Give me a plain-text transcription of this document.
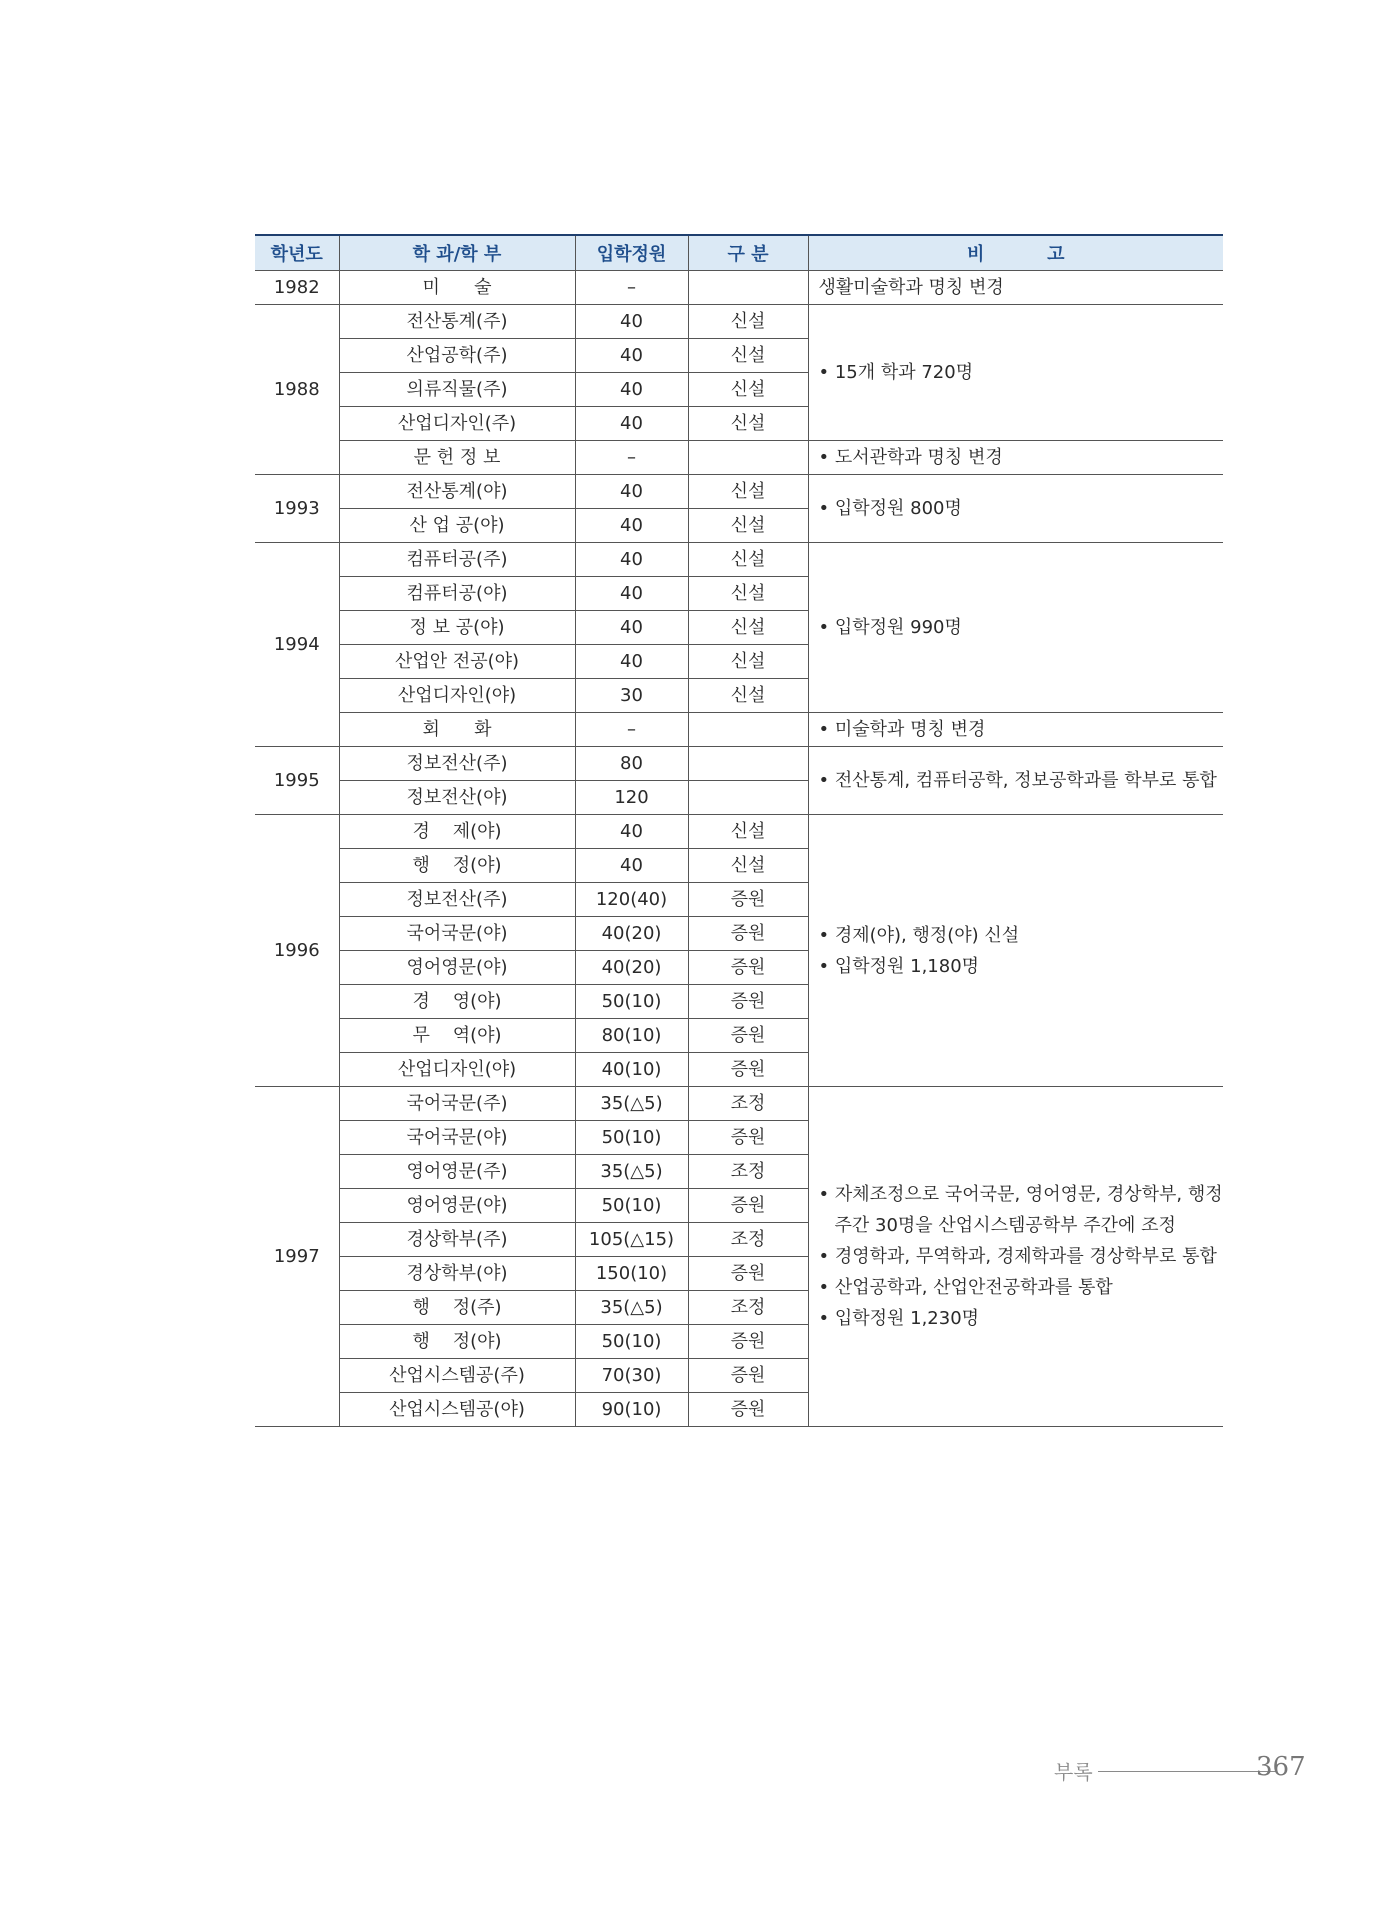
학년도	학 과/학 부	입학정원	구 분	비          고
1982	미      술	–		생활미술학과 명칭 변경

1988	전산통계(주)	40	신설	• 15개 학과 720명

	산업공학(주)	40	신설	
	의류직물(주)	40	신설	
	산업디자인(주)	40	신설	
	문 헌 정 보	–		• 도서관학과 명칭 변경

1993	전산통계(야)	40	신설	• 입학정원 800명

	산 업 공(야)	40	신설	
1994	컴퓨터공(주)	40	신설	• 입학정원 990명

	컴퓨터공(야)	40	신설	
	정 보 공(야)	40	신설	
	산업안 전공(야)	40	신설	
	산업디자인(야)	30	신설	
	회      화	–		• 미술학과 명칭 변경

1995	정보전산(주)	80		• 전산통계, 컴퓨터공학, 정보공학과를 학부로 통합

	정보전산(야)	120		
1996	경    제(야)	40	신설	• 경제(야), 행정(야) 신설
• 입학정원 1,180명

	행    정(야)	40	신설	
	정보전산(주)	120(40)	증원	
	국어국문(야)	40(20)	증원	
	영어영문(야)	40(20)	증원	
	경    영(야)	50(10)	증원	
	무    역(야)	80(10)	증원	
	산업디자인(야)	40(10)	증원	
1997	국어국문(주)	35(△5)	조정	• 자체조정으로 국어국문, 영어영문, 경상학부, 행정
주간 30명을 산업시스템공학부 주간에 조정
• 경영학과, 무역학과, 경제학과를 경상학부로 통합
• 산업공학과, 산업안전공학과를 통합
• 입학정원 1,230명

	국어국문(야)	50(10)	증원	
	영어영문(주)	35(△5)	조정	
	영어영문(야)	50(10)	증원	
	경상학부(주)	105(△15)	조정	
	경상학부(야)	150(10)	증원	
	행    정(주)	35(△5)	조정	
	행    정(야)	50(10)	증원	
	산업시스템공(주)	70(30)	증원	
	산업시스템공(야)	90(10)	증원	
부록	367
